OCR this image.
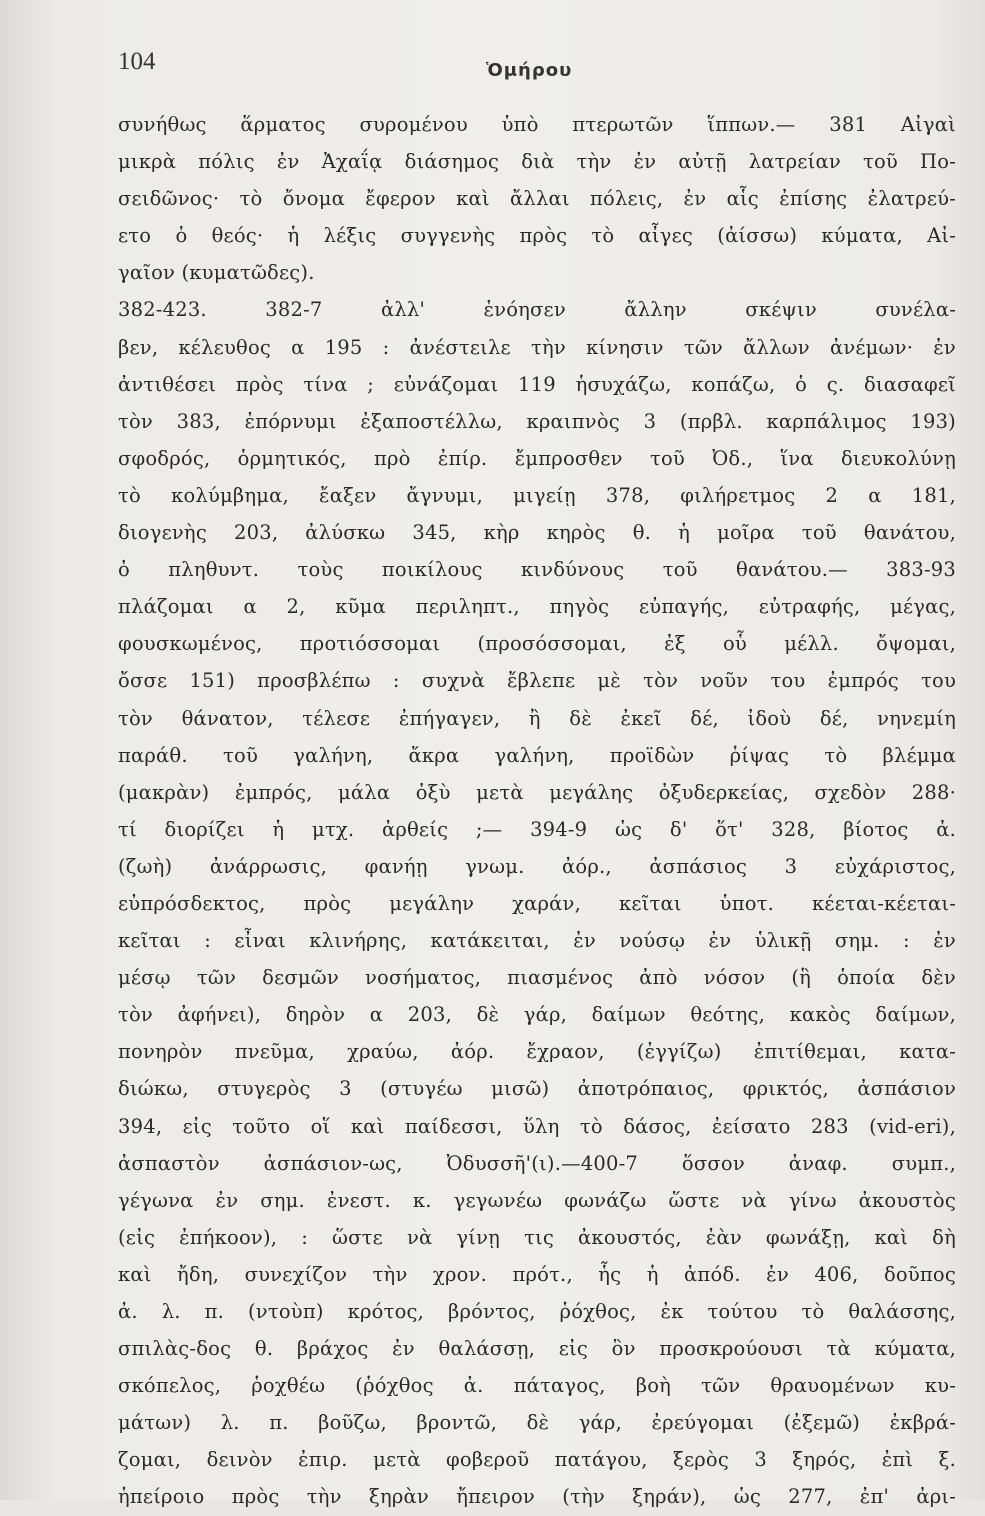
104	Ὁμήρου
συνήθως ἅρματος συρομένου ὑπὸ πτερωτῶν ἵππων.— 381 Αἰγαὶ
μικρὰ πόλις ἐν Ἀχαΐᾳ διάσημος διὰ τὴν ἐν αὐτῇ λατρείαν τοῦ Πο-
σειδῶνος· τὸ ὄνομα ἔφερον καὶ ἄλλαι πόλεις, ἐν αἷς ἐπίσης ἐλατρεύ-
ετο ὁ θεός· ἡ λέξις συγγενὴς πρὸς τὸ αἶγες (ἀίσσω) κύματα, Αἰ-
γαῖον (κυματῶδες).
382-423. 382-7 ἀλλ' ἐνόησεν ἄλλην σκέψιν συνέλα-
βεν, κέλευθος α 195 : ἀνέστειλε τὴν κίνησιν τῶν ἄλλων ἀνέμων· ἐν
ἀντιθέσει πρὸς τίνα ; εὐνάζομαι 119 ἡσυχάζω, κοπάζω, ὁ ς. διασαφεῖ
τὸν 383, ἐπόρνυμι ἐξαποστέλλω, κραιπνὸς 3 (πρβλ. καρπάλιμος 193)
σφοδρός, ὁρμητικός, πρὸ ἐπίρ. ἔμπροσθεν τοῦ Ὀδ., ἵνα διευκολύνῃ
τὸ κολύμβημα, ἔαξεν ἄγνυμι, μιγείῃ 378, φιλήρετμος 2 α 181,
διογενὴς 203, ἀλύσκω 345, κὴρ κηρὸς θ. ἡ μοῖρα τοῦ θανάτου,
ὁ πληθυντ. τοὺς ποικίλους κινδύνους τοῦ θανάτου.— 383-93
πλάζομαι α 2, κῦμα περιληπτ., πηγὸς εὐπαγής, εὐτραφής, μέγας,
φουσκωμένος, προτιόσσομαι (προσόσσομαι, ἐξ οὗ μέλλ. ὄψομαι,
ὄσσε 151) προσβλέπω : συχνὰ ἔβλεπε μὲ τὸν νοῦν του ἐμπρός του
τὸν θάνατον, τέλεσε ἐπήγαγεν, ἢ δὲ ἐκεῖ δέ, ἰδοὺ δέ, νηνεμίη
παράθ. τοῦ γαλήνη, ἄκρα γαλήνη, προϊδὼν ῥίψας τὸ βλέμμα
(μακρὰν) ἐμπρός, μάλα ὀξὺ μετὰ μεγάλης ὀξυδερκείας, σχεδὸν 288·
τί διορίζει ἡ μτχ. ἀρθείς ;— 394-9 ὡς δ' ὅτ' 328, βίοτος ἀ.
(ζωὴ) ἀνάρρωσις, φανήῃ γνωμ. ἀόρ., ἀσπάσιος 3 εὐχάριστος,
εὐπρόσδεκτος, πρὸς μεγάλην χαράν, κεῖται ὑποτ. κέεται-κέεται-
κεῖται : εἶναι κλινήρης, κατάκειται, ἐν νούσῳ ἐν ὑλικῇ σημ. : ἐν
μέσῳ τῶν δεσμῶν νοσήματος, πιασμένος ἀπὸ νόσον (ἣ ὁποία δὲν
τὸν ἀφήνει), δηρὸν α 203, δὲ γάρ, δαίμων θεότης, κακὸς δαίμων,
πονηρὸν πνεῦμα, χραύω, ἀόρ. ἔχραον, (ἐγγίζω) ἐπιτίθεμαι, κατα-
διώκω, στυγερὸς 3 (στυγέω μισῶ) ἀποτρόπαιος, φρικτός, ἀσπάσιον
394, εἰς τοῦτο οἵ καὶ παίδεσσι, ὕλη τὸ δάσος, ἐείσατο 283 (vid-eri),
ἀσπαστὸν ἀσπάσιον-ως, Ὀδυσσῆ'(ι).—400-7 ὅσσον ἀναφ. συμπ.,
γέγωνα ἐν σημ. ἐνεστ. κ. γεγωνέω φωνάζω ὥστε νὰ γίνω ἀκουστὸς
(εἰς ἐπήκοον), : ὥστε νὰ γίνῃ τις ἀκουστός, ἐὰν φωνάξῃ, καὶ δὴ
καὶ ἤδη, συνεχίζον τὴν χρον. πρότ., ἧς ἡ ἀπόδ. ἐν 406, δοῦπος
ἀ. λ. π. (ντοὺπ) κρότος, βρόντος, ῥόχθος, ἐκ τούτου τὸ θαλάσσης,
σπιλὰς-δος θ. βράχος ἐν θαλάσσῃ, εἰς ὃν προσκρούουσι τὰ κύματα,
σκόπελος, ῥοχθέω (ῥόχθος ἀ. πάταγος, βοὴ τῶν θραυομένων κυ-
μάτων) λ. π. βοῦζω, βροντῶ, δὲ γάρ, ἐρεύγομαι (ἐξεμῶ) ἐκβρά-
ζομαι, δεινὸν ἐπιρ. μετὰ φοβεροῦ πατάγου, ξερὸς 3 ξηρός, ἐπὶ ξ.
ἠπείροιο πρὸς τὴν ξηρὰν ἤπειρον (τὴν ξηράν), ὡς 277, ἐπ' ἀρι-
